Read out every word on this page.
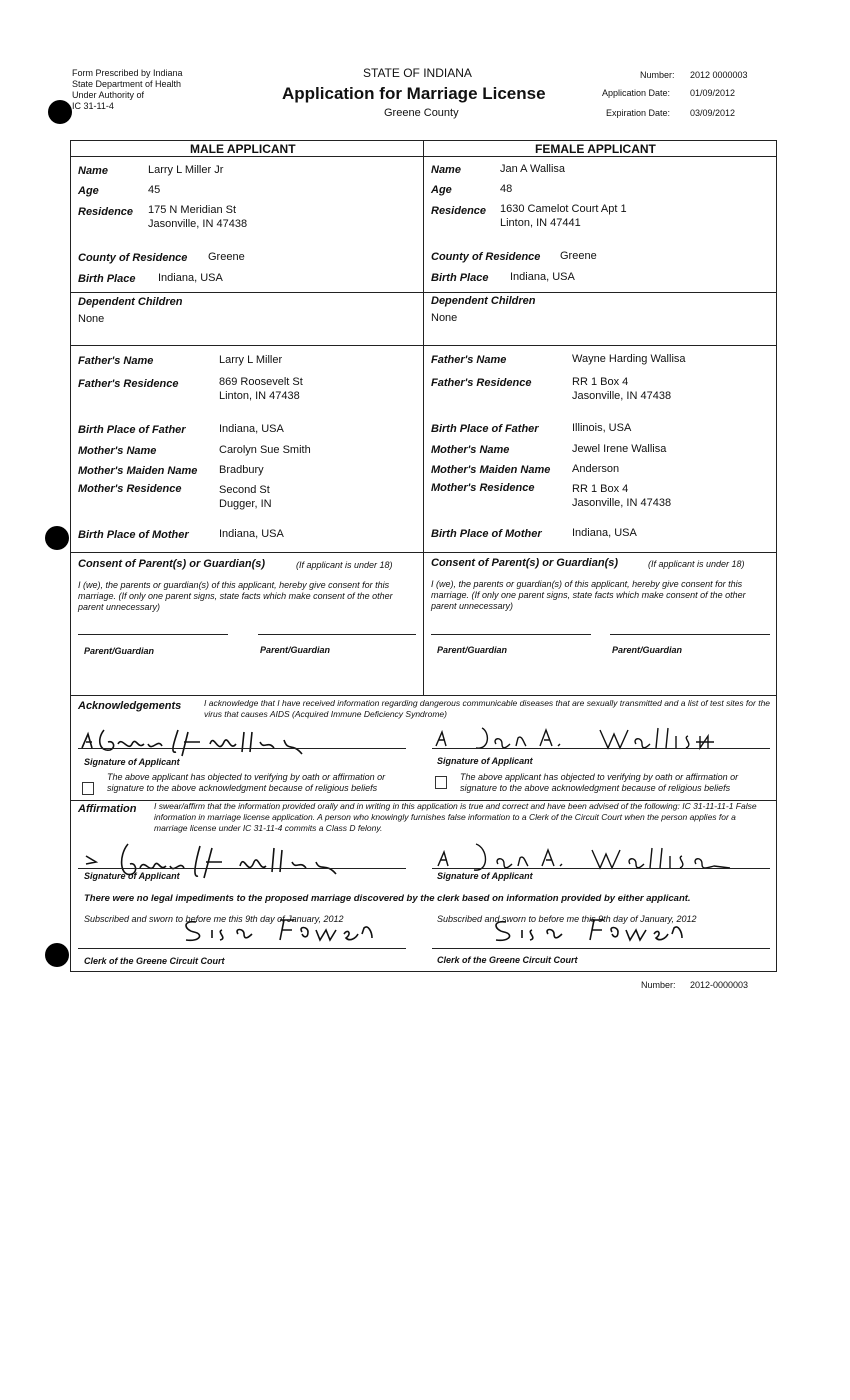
Form Prescribed by Indiana
State Department of Health
Under Authority of
IC 31-11-4
STATE OF INDIANA
Application for Marriage License
Greene County
Number: 2012 0000003
Application Date: 01/09/2012
Expiration Date: 03/09/2012
MALE APPLICANT	FEMALE APPLICANT
Name	Larry L Miller Jr
Age	45
Residence 175 N Meridian St
Jasonville, IN 47438
County of Residence Greene
Birth Place Indiana, USA
Dependent Children
None
Father's Name	Larry L Miller
Father's Residence	869 Roosevelt St
Linton, IN 47438
Birth Place of Father	Indiana, USA
Mother's Name	Carolyn Sue Smith
Mother's Maiden Name Bradbury
Mother's Residence	Second St
Dugger, IN
Birth Place of Mother	Indiana, USA
Name	Jan A Wallisa
Age	48
Residence 1630 Camelot Court Apt 1
Linton, IN 47441
County of Residence Greene
Birth Place Indiana, USA
Dependent Children
None
Father's Name	Wayne Harding Wallisa
Father's Residence	RR 1 Box 4
Jasonville, IN 47438
Birth Place of Father	Illinois, USA
Mother's Name	Jewel Irene Wallisa
Mother's Maiden Name Anderson
Mother's Residence	RR 1 Box 4
Jasonville, IN 47438
Birth Place of Mother	Indiana, USA
Consent of Parent(s) or Guardian(s)	(If applicant is under 18)
I (we), the parents or guardian(s) of this applicant, hereby give consent for this marriage. (If only one parent signs, state facts which make consent of the other parent unnecessary)
Parent/Guardian	Parent/Guardian
Consent of Parent(s) or Guardian(s)	(If applicant is under 18)
I (we), the parents or guardian(s) of this applicant, hereby give consent for this marriage. (If only one parent signs, state facts which make consent of the other parent unnecessary)
Parent/Guardian	Parent/Guardian
Acknowledgements	I acknowledge that I have received information regarding dangerous communicable diseases that are sexually transmitted and a list of test sites for the virus that causes AIDS (Acquired Immune Deficiency Syndrome)
Signature of Applicant
The above applicant has objected to verifying by oath or affirmation or signature to the above acknowledgment because of religious beliefs
Signature of Applicant
The above applicant has objected to verifying by oath or affirmation or signature to the above acknowledgment because of religious beliefs
Affirmation I swear/affirm that the information provided orally and in writing in this application is true and correct and have been advised of the following: IC 31-11-11-1 False information in marriage license application. A person who knowingly furnishes false information to a Clerk of the Circuit Court when the person applies for a marriage license under IC 31-11-4 commits a Class D felony.
Signature of Applicant	Signature of Applicant
There were no legal impediments to the proposed marriage discovered by the clerk based on information provided by either applicant.
Subscribed and sworn to before me this 9th day of January, 2012
Clerk of the Greene Circuit Court
Subscribed and sworn to before me this 9th day of January, 2012
Clerk of the Greene Circuit Court
Number: 2012-0000003
